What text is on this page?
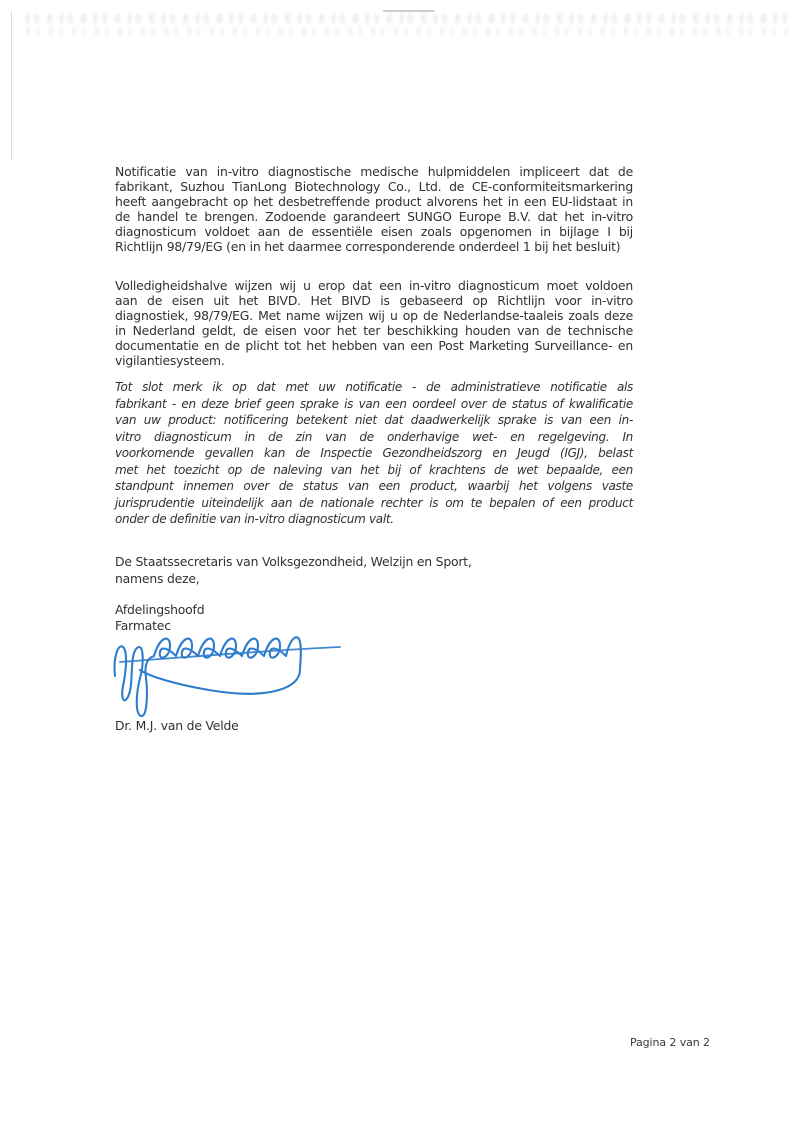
Notificatie van in-vitro diagnostische medische hulpmiddelen impliceert dat de
fabrikant, Suzhou TianLong Biotechnology Co., Ltd. de CE-conformiteitsmarkering
heeft aangebracht op het desbetreffende product alvorens het in een EU-lidstaat in
de handel te brengen. Zodoende garandeert SUNGO Europe B.V. dat het in-vitro
diagnosticum voldoet aan de essentiële eisen zoals opgenomen in bijlage I bij
Richtlijn 98/79/EG (en in het daarmee corresponderende onderdeel 1 bij het besluit)
Volledigheidshalve wijzen wij u erop dat een in-vitro diagnosticum moet voldoen
aan de eisen uit het BIVD. Het BIVD is gebaseerd op Richtlijn voor in-vitro
diagnostiek, 98/79/EG. Met name wijzen wij u op de Nederlandse-taaleis zoals deze
in Nederland geldt, de eisen voor het ter beschikking houden van de technische
documentatie en de plicht tot het hebben van een Post Marketing Surveillance- en
vigilantiesysteem.
Tot slot merk ik op dat met uw notificatie - de administratieve notificatie als
fabrikant - en deze brief geen sprake is van een oordeel over de status of kwalificatie
van uw product: notificering betekent niet dat daadwerkelijk sprake is van een in-
vitro diagnosticum in de zin van de onderhavige wet- en regelgeving. In
voorkomende gevallen kan de Inspectie Gezondheidszorg en Jeugd (IGJ), belast
met het toezicht op de naleving van het bij of krachtens de wet bepaalde, een
standpunt innemen over de status van een product, waarbij het volgens vaste
jurisprudentie uiteindelijk aan de nationale rechter is om te bepalen of een product
onder de definitie van in-vitro diagnosticum valt.
De Staatssecretaris van Volksgezondheid, Welzijn en Sport,
namens deze,
Afdelingshoofd
Farmatec
Dr. M.J. van de Velde
Pagina 2 van 2
